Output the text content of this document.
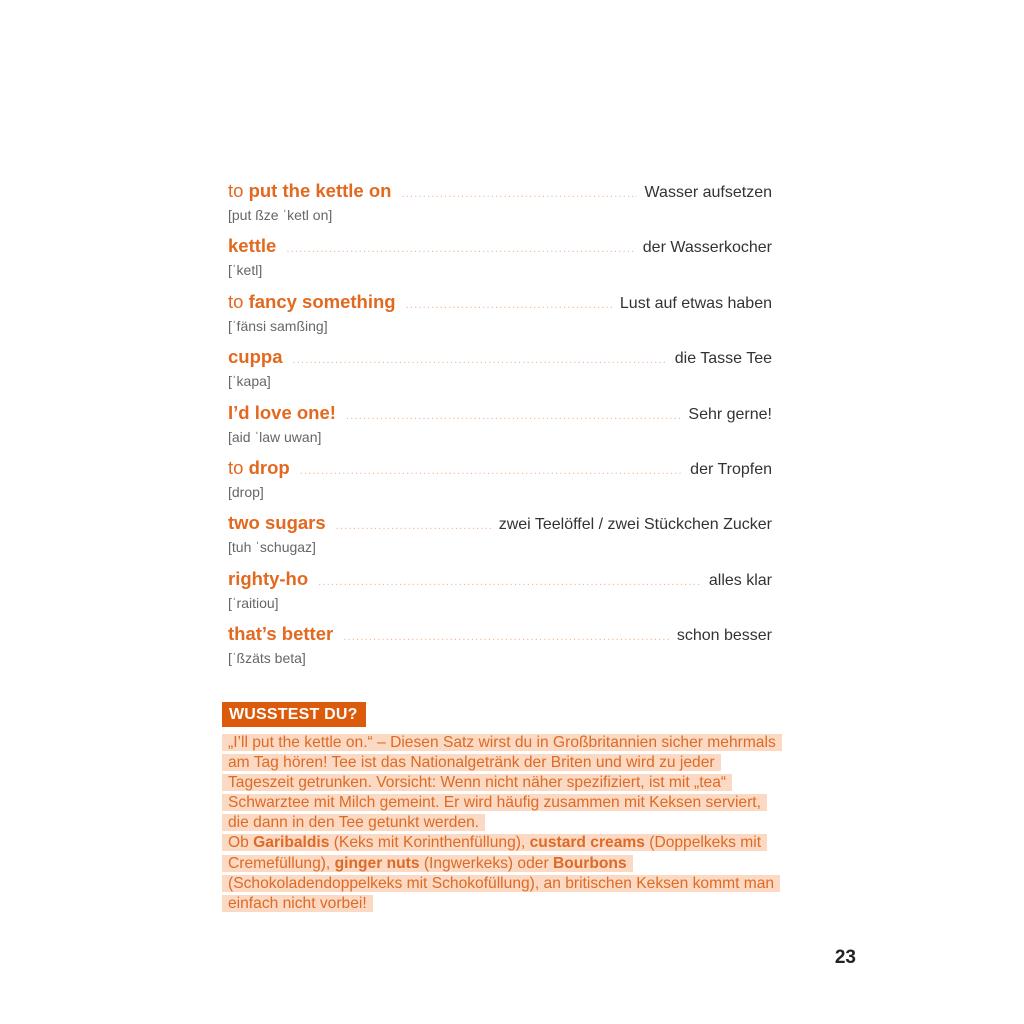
to put the kettle on .....	Wasser aufsetzen
[put ßze ˈketl on]
kettle .....	der Wasserkocher
[ˈketl]
to fancy something .....	Lust auf etwas haben
[ˈfänsi samßing]
cuppa .....	die Tasse Tee
[ˈkapa]
I’d love one! .....	Sehr gerne!
[aid ˈlaw uwan]
to drop .....	der Tropfen
[drop]
two sugars .....	zwei Teelöffel / zwei Stückchen Zucker
[tuh ˈschugaz]
righty-ho .....	alles klar
[ˈraitiou]
that’s better .....	schon besser
[ˈßzäts beta]
WUSSTEST DU?
„I’ll put the kettle on.“ – Diesen Satz wirst du in Großbritannien sicher mehrmals am Tag hören! Tee ist das Nationalgetränk der Briten und wird zu jeder Tageszeit getrunken. Vorsicht: Wenn nicht näher spezifiziert, ist mit „tea“ Schwarztee mit Milch gemeint. Er wird häufig zusammen mit Keksen serviert, die dann in den Tee getunkt werden.
Ob Garibaldis (Keks mit Korinthenfüllung), custard creams (Doppelkeks mit Cremefüllung), ginger nuts (Ingwerkeks) oder Bourbons (Schokoladendoppelkeks mit Schokofüllung), an britischen Keksen kommt man einfach nicht vorbei!
23
